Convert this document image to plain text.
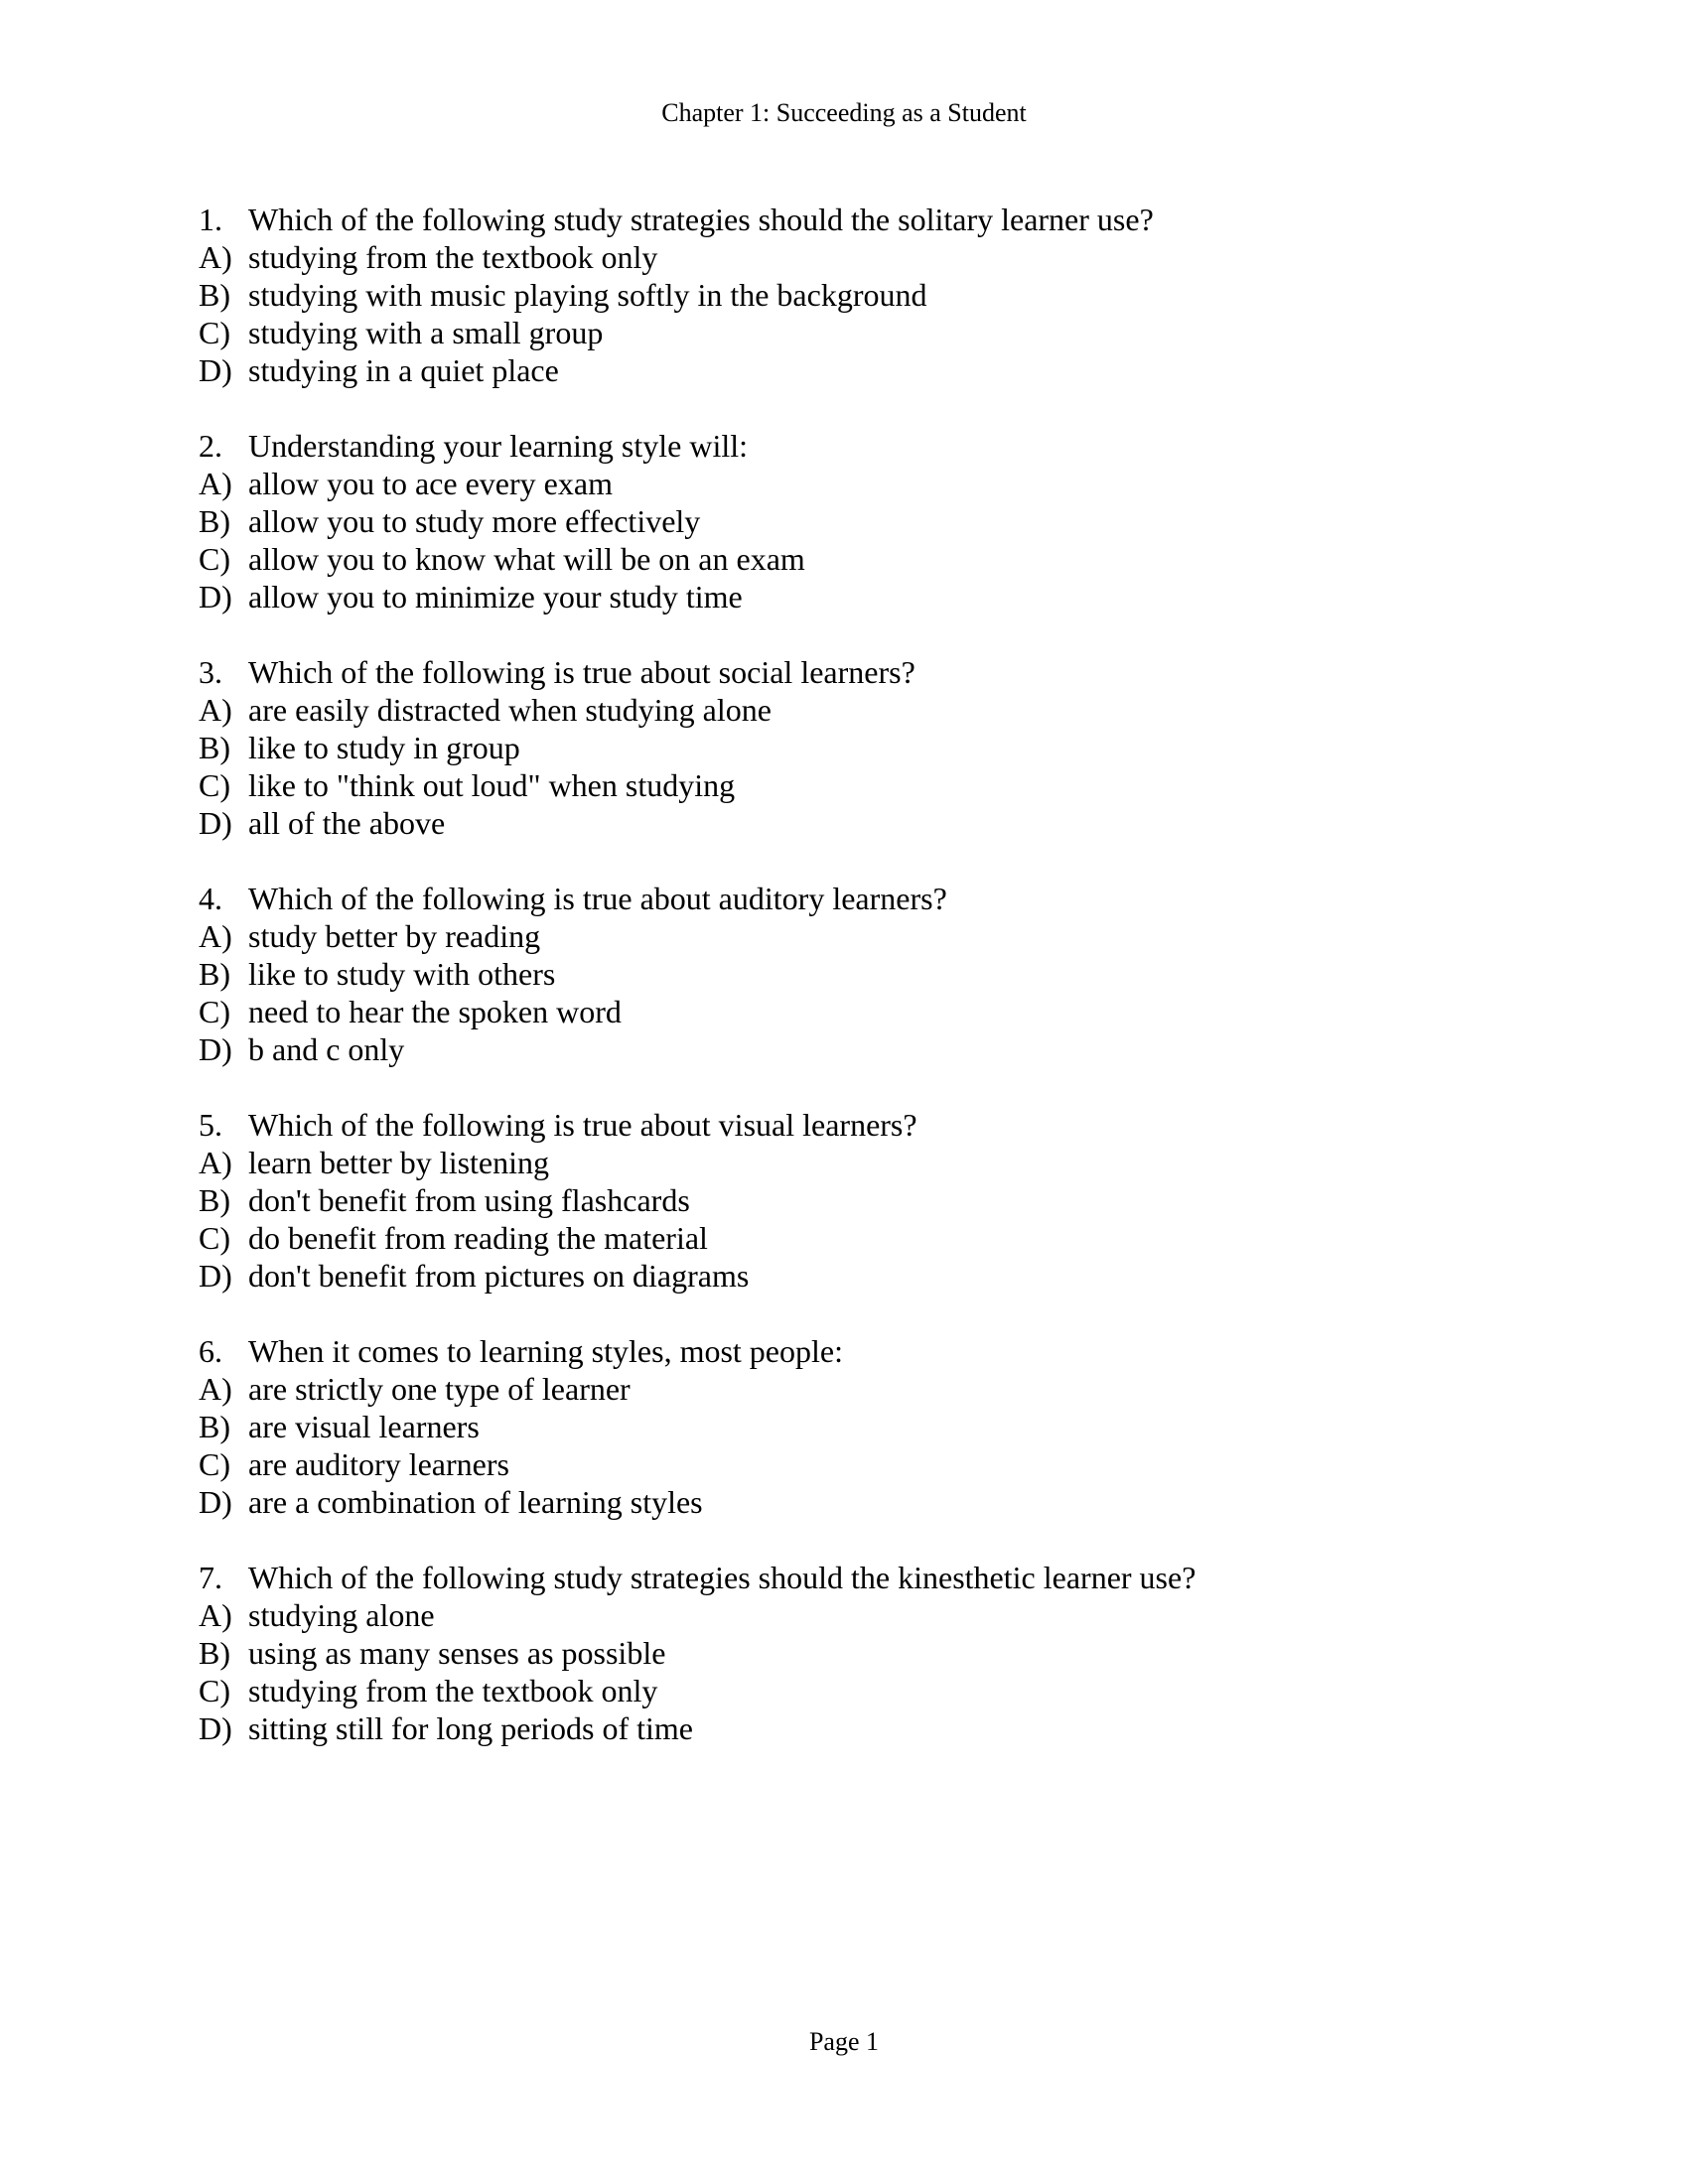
Chapter 1: Succeeding as a Student
1. Which of the following study strategies should the solitary learner use?
A) studying from the textbook only
B) studying with music playing softly in the background
C) studying with a small group
D) studying in a quiet place
2. Understanding your learning style will:
A) allow you to ace every exam
B) allow you to study more effectively
C) allow you to know what will be on an exam
D) allow you to minimize your study time
3. Which of the following is true about social learners?
A) are easily distracted when studying alone
B) like to study in group
C) like to "think out loud" when studying
D) all of the above
4. Which of the following is true about auditory learners?
A) study better by reading
B) like to study with others
C) need to hear the spoken word
D) b and c only
5. Which of the following is true about visual learners?
A) learn better by listening
B) don't benefit from using flashcards
C) do benefit from reading the material
D) don't benefit from pictures on diagrams
6. When it comes to learning styles, most people:
A) are strictly one type of learner
B) are visual learners
C) are auditory learners
D) are a combination of learning styles
7. Which of the following study strategies should the kinesthetic learner use?
A) studying alone
B) using as many senses as possible
C) studying from the textbook only
D) sitting still for long periods of time
Page 1
